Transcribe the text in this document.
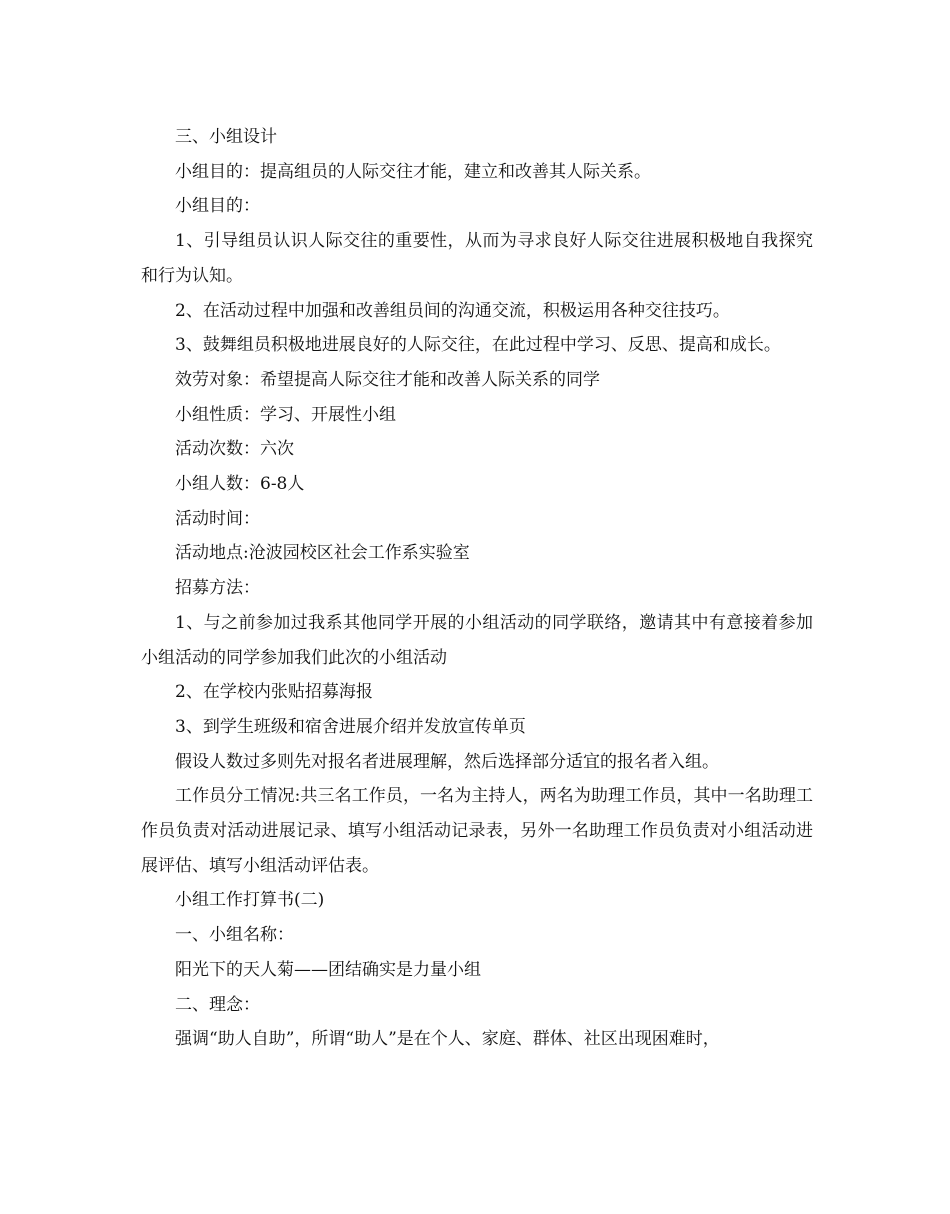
三、小组设计

小组目的：提高组员的人际交往才能，建立和改善其人际关系。

小组目的：

1、引导组员认识人际交往的重要性，从而为寻求良好人际交往进展积极地自我探究和行为认知。

2、在活动过程中加强和改善组员间的沟通交流，积极运用各种交往技巧。

3、鼓舞组员积极地进展良好的人际交往，在此过程中学习、反思、提高和成长。

效劳对象：希望提高人际交往才能和改善人际关系的同学

小组性质：学习、开展性小组

活动次数：六次

小组人数：6-8人

活动时间：

活动地点:沧波园校区社会工作系实验室

招募方法：

1、与之前参加过我系其他同学开展的小组活动的同学联络，邀请其中有意接着参加小组活动的同学参加我们此次的小组活动

2、在学校内张贴招募海报

3、到学生班级和宿舍进展介绍并发放宣传单页

假设人数过多则先对报名者进展理解，然后选择部分适宜的报名者入组。

工作员分工情况:共三名工作员，一名为主持人，两名为助理工作员，其中一名助理工作员负责对活动进展记录、填写小组活动记录表，另外一名助理工作员负责对小组活动进展评估、填写小组活动评估表。

小组工作打算书(二)

一、小组名称：

阳光下的天人菊——团结确实是力量小组

二、理念：

强调“助人自助”，所谓“助人”是在个人、家庭、群体、社区出现困难时，
